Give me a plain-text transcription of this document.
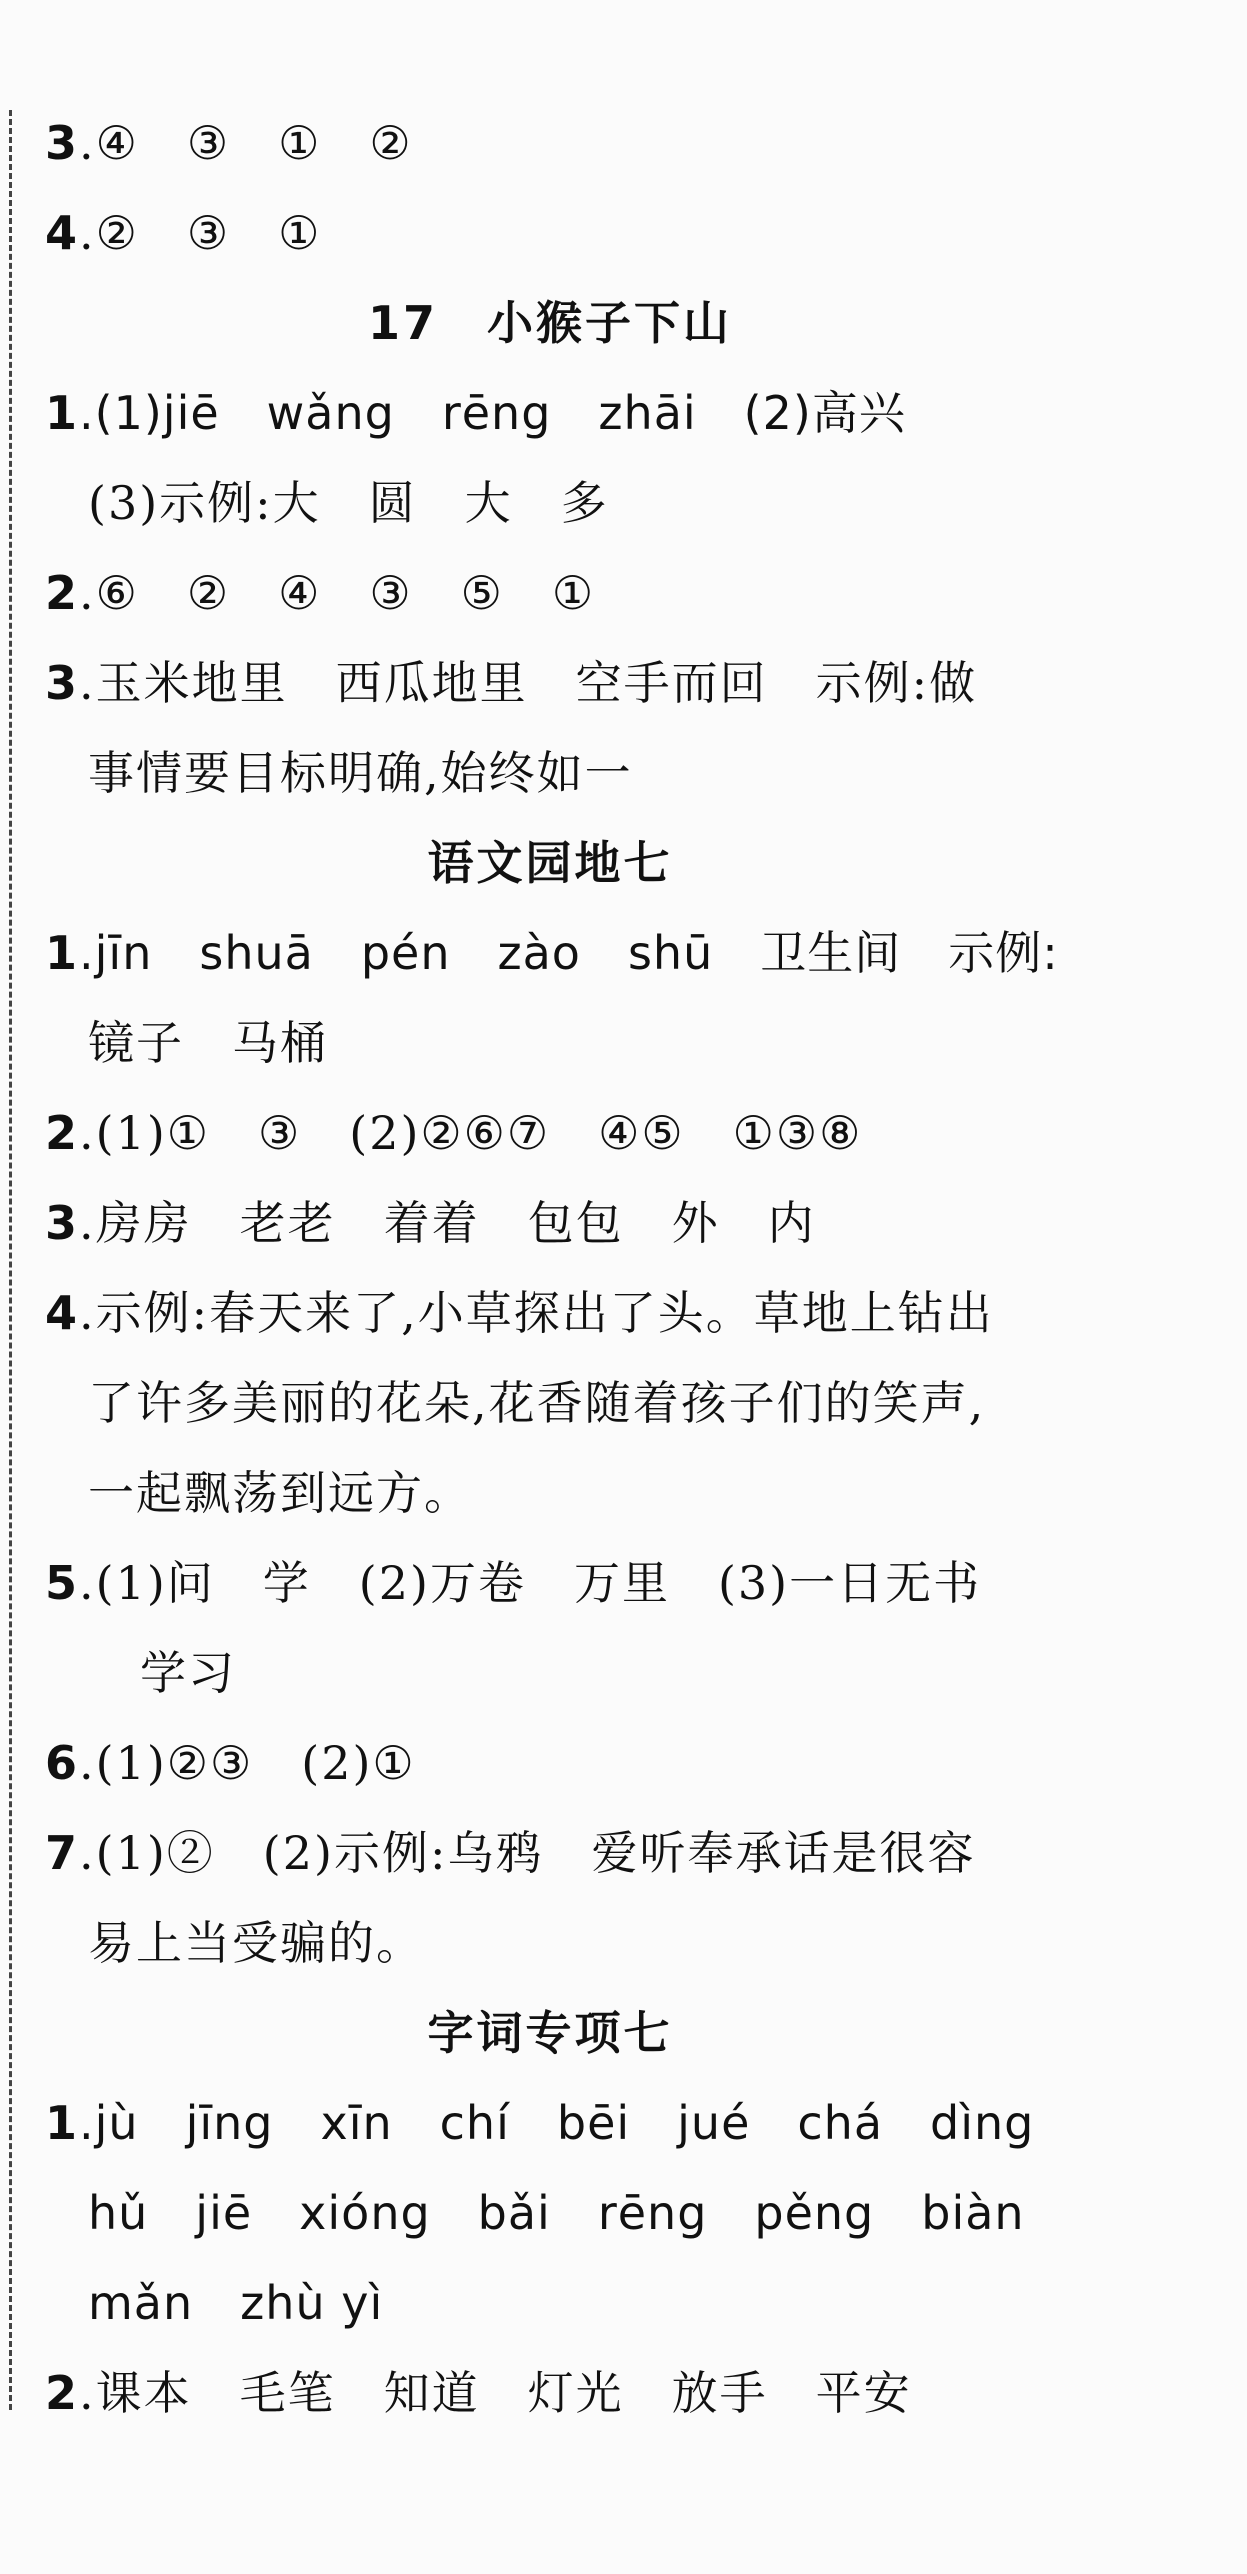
3.④　③　①　②
4.②　③　①
17　小猴子下山
1.(1)jiē　wǎng　rēng　zhāi　(2)高兴
(3)示例:大　圆　大　多
2.⑥　②　④　③　⑤　①
3.玉米地里　西瓜地里　空手而回　示例:做
事情要目标明确,始终如一
语文园地七
1.jīn　shuā　pén　zào　shū　卫生间　示例:
镜子　马桶
2.(1)①　③　(2)②⑥⑦　④⑤　①③⑧
3.房房　老老　着着　包包　外　内
4.示例:春天来了,小草探出了头。草地上钻出
了许多美丽的花朵,花香随着孩子们的笑声,
一起飘荡到远方。
5.(1)问　学　(2)万卷　万里　(3)一日无书
学习
6.(1)②③　(2)①
7.(1)②　(2)示例:乌鸦　爱听奉承话是很容
易上当受骗的。
字词专项七
1.jù　jīng　xīn　chí　bēi　jué　chá　dìng
hǔ　jiē　xióng　bǎi　rēng　pěng　biàn
mǎn　zhù yì
2.课本　毛笔　知道　灯光　放手　平安
